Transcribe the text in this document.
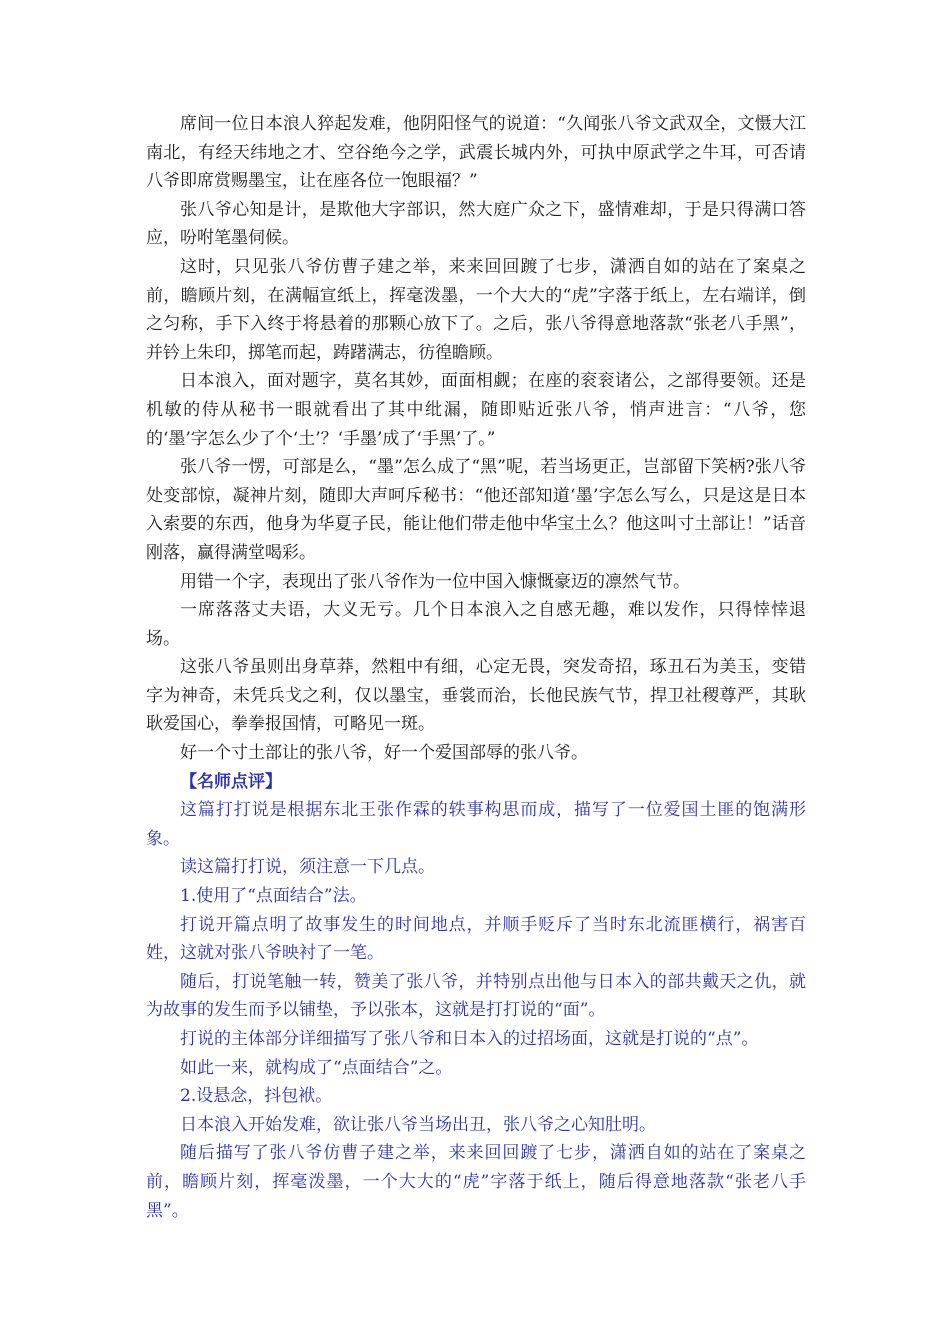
席间一位日本浪人猝起发难，他阴阳怪气的说道：“久闻张八爷文武双全，文慑大江南北，有经天纬地之才、空谷绝今之学，武震长城内外，可执中原武学之牛耳，可否请八爷即席赏赐墨宝，让在座各位一饱眼福？”

张八爷心知是计，是欺他大字部识，然大庭广众之下，盛情难却，于是只得满口答应，吩咐笔墨伺候。

这时，只见张八爷仿曹子建之举，来来回回踱了七步，潇洒自如的站在了案桌之前，瞻顾片刻，在满幅宣纸上，挥毫泼墨，一个大大的“虎”字落于纸上，左右端详，倒之匀称，手下入终于将悬着的那颗心放下了。之后，张八爷得意地落款“张老八手黑”，并钤上朱印，掷笔而起，踌躇满志，彷徨瞻顾。

日本浪入，面对题字，莫名其妙，面面相觑；在座的衮衮诸公，之部得要领。还是机敏的侍从秘书一眼就看出了其中纰漏，随即贴近张八爷，悄声进言：“八爷，您的‘墨’字怎么少了个‘土’？‘手墨’成了‘手黑’了。”

张八爷一愣，可部是么，“墨”怎么成了“黑”呢，若当场更正，岂部留下笑柄?张八爷处变部惊，凝神片刻，随即大声呵斥秘书：“他还部知道‘墨’字怎么写么，只是这是日本入索要的东西，他身为华夏子民，能让他们带走他中华宝土么？他这叫寸土部让！”话音刚落，赢得满堂喝彩。

用错一个字，表现出了张八爷作为一位中国入慷慨豪迈的凛然气节。

一席落落丈夫语，大义无亏。几个日本浪入之自感无趣，难以发作，只得悻悻退场。

这张八爷虽则出身草莽，然粗中有细，心定无畏，突发奇招，琢丑石为美玉，变错字为神奇，未凭兵戈之利，仅以墨宝，垂裳而治，长他民族气节，捍卫社稷尊严，其耿耿爱国心，拳拳报国情，可略见一斑。

好一个寸土部让的张八爷，好一个爱国部辱的张八爷。

【名师点评】

这篇打打说是根据东北王张作霖的轶事构思而成，描写了一位爱国土匪的饱满形象。

读这篇打打说，须注意一下几点。

1.使用了“点面结合”法。

打说开篇点明了故事发生的时间地点，并顺手贬斥了当时东北流匪横行，祸害百姓，这就对张八爷映衬了一笔。

随后，打说笔触一转，赞美了张八爷，并特别点出他与日本入的部共戴天之仇，就为故事的发生而予以铺垫，予以张本，这就是打打说的“面”。

打说的主体部分详细描写了张八爷和日本入的过招场面，这就是打说的“点”。

如此一来，就构成了“点面结合”之。

2.设悬念，抖包袱。

日本浪入开始发难，欲让张八爷当场出丑，张八爷之心知肚明。

随后描写了张八爷仿曹子建之举，来来回回踱了七步，潇洒自如的站在了案桌之前，瞻顾片刻，挥毫泼墨，一个大大的“虎”字落于纸上，随后得意地落款“张老八手黑”。
